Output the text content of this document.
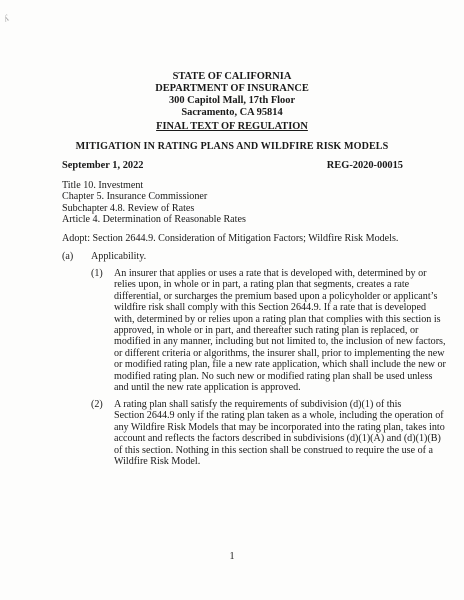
ʎ
STATE OF CALIFORNIA
DEPARTMENT OF INSURANCE
300 Capitol Mall, 17th Floor
Sacramento, CA 95814
FINAL TEXT OF REGULATION
MITIGATION IN RATING PLANS AND WILDFIRE RISK MODELS
September 1, 2022	REG-2020-00015
Title 10. Investment
Chapter 5. Insurance Commissioner
Subchapter 4.8. Review of Rates
Article 4. Determination of Reasonable Rates
Adopt: Section 2644.9. Consideration of Mitigation Factors; Wildfire Risk Models.
(a) Applicability.
(1) An insurer that applies or uses a rate that is developed with, determined by or
relies upon, in whole or in part, a rating plan that segments, creates a rate
differential, or surcharges the premium based upon a policyholder or applicant’s
wildfire risk shall comply with this Section 2644.9. If a rate that is developed
with, determined by or relies upon a rating plan that complies with this section is
approved, in whole or in part, and thereafter such rating plan is replaced, or
modified in any manner, including but not limited to, the inclusion of new factors,
or different criteria or algorithms, the insurer shall, prior to implementing the new
or modified rating plan, file a new rate application, which shall include the new or
modified rating plan. No such new or modified rating plan shall be used unless
and until the new rate application is approved.
(2) A rating plan shall satisfy the requirements of subdivision (d)(1) of this
Section 2644.9 only if the rating plan taken as a whole, including the operation of
any Wildfire Risk Models that may be incorporated into the rating plan, takes into
account and reflects the factors described in subdivisions (d)(1)(A) and (d)(1)(B)
of this section. Nothing in this section shall be construed to require the use of a
Wildfire Risk Model.
1
